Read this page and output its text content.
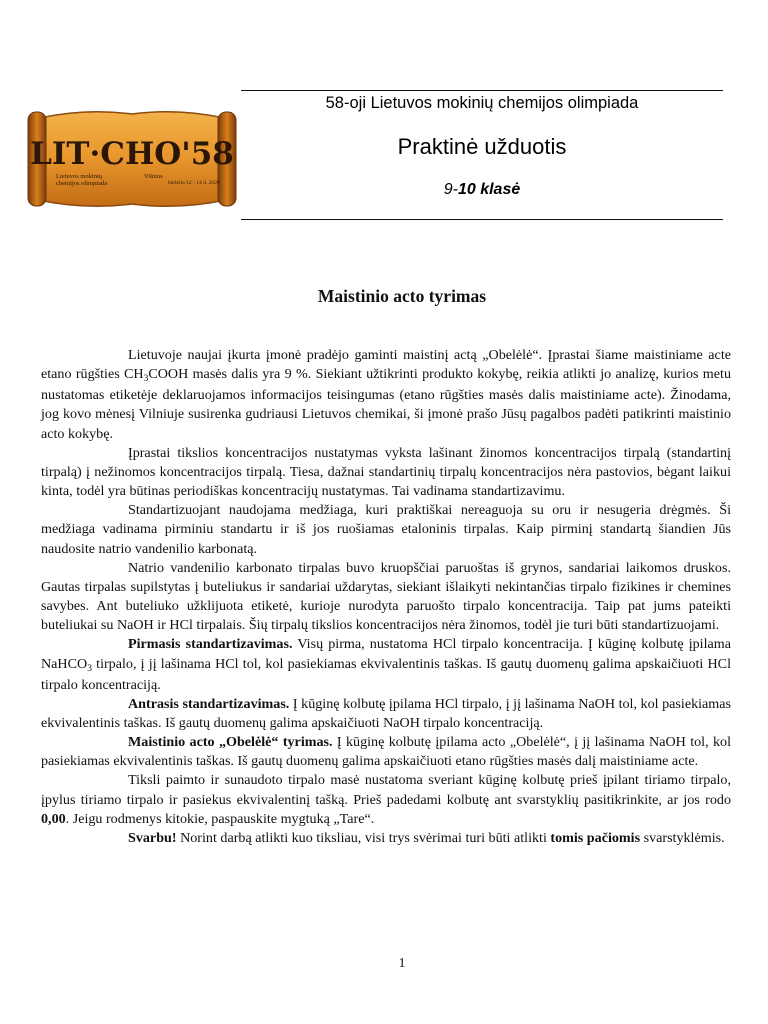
LIT·CHO'58
Lietuvos mokinių	Vilnius
birželio 12 - 14 d. 2020
chemijos olimpiada
58-oji Lietuvos mokinių chemijos olimpiada
Praktinė užduotis
9-10 klasė
Maistinio acto tyrimas

Lietuvoje naujai įkurta įmonė pradėjo gaminti maistinį actą „Obelėlė“. Įprastai šiame maistiniame acte etano rūgšties $CH_3COOH$ masės dalis yra 9 %. Siekiant užtikrinti produkto kokybę, reikia atlikti jo analizę, kurios metu nustatomas etiketėje deklaruojamos informacijos teisingumas (etano rūgšties masės dalis maistiniame acte). Žinodama, jog kovo mėnesį Vilniuje susirenka gudriausi Lietuvos chemikai, ši įmonė prašo Jūsų pagalbos padėti patikrinti maistinio acto kokybę.

Įprastai tikslios koncentracijos nustatymas vyksta lašinant žinomos koncentracijos tirpalą (standartinį tirpalą) į nežinomos koncentracijos tirpalą. Tiesa, dažnai standartinių tirpalų koncentracijos nėra pastovios, bėgant laikui kinta, todėl yra būtinas periodiškas koncentracijų nustatymas. Tai vadinama standartizavimu.

Standartizuojant naudojama medžiaga, kuri praktiškai nereaguoja su oru ir nesugeria drėgmės. Ši medžiaga vadinama pirminiu standartu ir iš jos ruošiamas etaloninis tirpalas. Kaip pirminį standartą šiandien Jūs naudosite natrio vandenilio karbonatą.

Natrio vandenilio karbonato tirpalas buvo kruopščiai paruoštas iš grynos, sandariai laikomos druskos. Gautas tirpalas supilstytas į buteliukus ir sandariai uždarytas, siekiant išlaikyti nekintančias tirpalo fizikines ir chemines savybes. Ant buteliuko užklijuota etiketė, kurioje nurodyta paruošto tirpalo koncentracija. Taip pat jums pateikti buteliukai su NaOH ir HCl tirpalais. Šių tirpalų tikslios koncentracijos nėra žinomos, todėl jie turi būti standartizuojami.

Pirmasis standartizavimas. Visų pirma, nustatoma HCl tirpalo koncentracija. Į kūginę kolbutę įpilama NaHCO$_3$ tirpalo, į jį lašinama HCl tol, kol pasiekiamas ekvivalentinis taškas. Iš gautų duomenų galima apskaičiuoti HCl tirpalo koncentraciją.

Antrasis standartizavimas. Į kūginę kolbutę įpilama HCl tirpalo, į jį lašinama NaOH tol, kol pasiekiamas ekvivalentinis taškas. Iš gautų duomenų galima apskaičiuoti NaOH tirpalo koncentraciją.

Maistinio acto „Obelėlė“ tyrimas. Į kūginę kolbutę įpilama acto „Obelėlė“, į jį lašinama NaOH tol, kol pasiekiamas ekvivalentinis taškas. Iš gautų duomenų galima apskaičiuoti etano rūgšties masės dalį maistiniame acte.

Tiksli paimto ir sunaudoto tirpalo masė nustatoma sveriant kūginę kolbutę prieš įpilant tiriamo tirpalo, įpylus tiriamo tirpalo ir pasiekus ekvivalentinį tašką. Prieš padedami kolbutę ant svarstyklių pasitikrinkite, ar jos rodo 0,00. Jeigu rodmenys kitokie, paspauskite mygtuką „Tare“.

Svarbu! Norint darbą atlikti kuo tiksliau, visi trys svėrimai turi būti atlikti tomis pačiomis svarstyklėmis.

1
